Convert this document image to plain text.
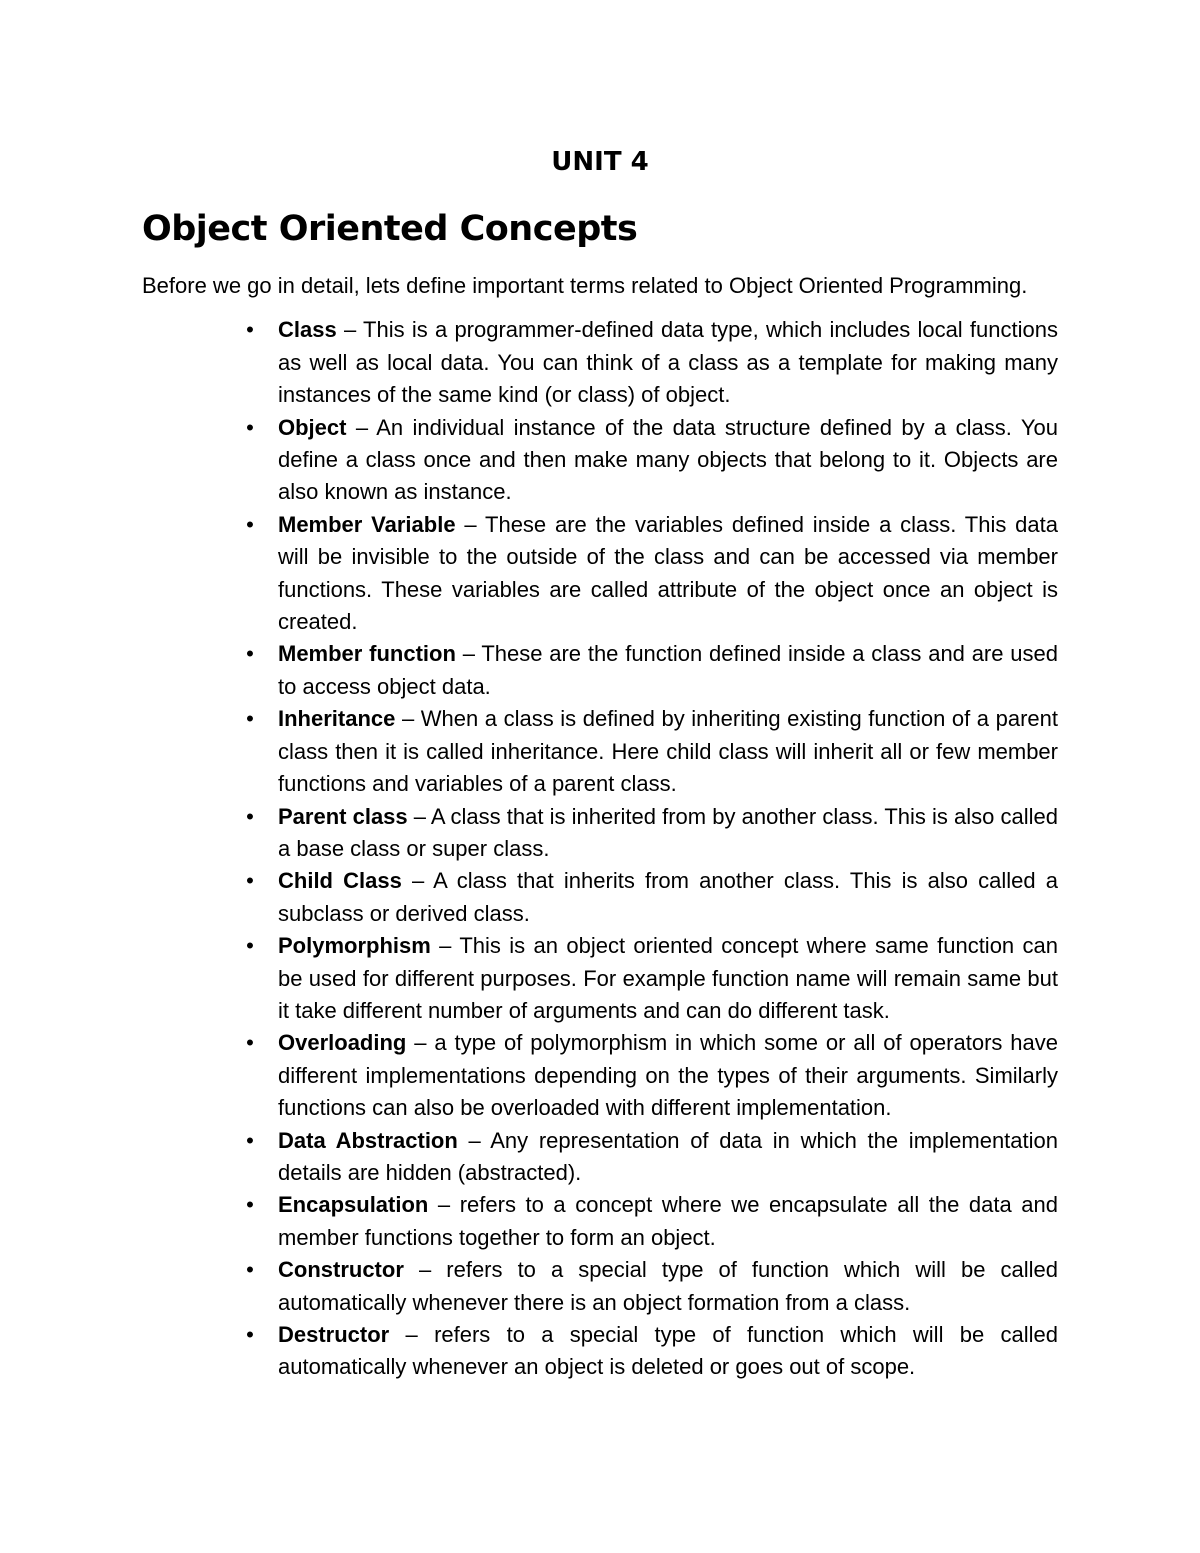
UNIT 4
Object Oriented Concepts

Before we go in detail, lets define important terms related to Object Oriented Programming.

• Class – This is a programmer-defined data type, which includes local functions as well as local data. You can think of a class as a template for making many instances of the same kind (or class) of object.
• Object – An individual instance of the data structure defined by a class. You define a class once and then make many objects that belong to it. Objects are also known as instance.
• Member Variable – These are the variables defined inside a class. This data will be invisible to the outside of the class and can be accessed via member functions. These variables are called attribute of the object once an object is created.
• Member function – These are the function defined inside a class and are used to access object data.
• Inheritance – When a class is defined by inheriting existing function of a parent class then it is called inheritance. Here child class will inherit all or few member functions and variables of a parent class.
• Parent class – A class that is inherited from by another class. This is also called a base class or super class.
• Child Class – A class that inherits from another class. This is also called a subclass or derived class.
• Polymorphism – This is an object oriented concept where same function can be used for different purposes. For example function name will remain same but it take different number of arguments and can do different task.
• Overloading – a type of polymorphism in which some or all of operators have different implementations depending on the types of their arguments. Similarly functions can also be overloaded with different implementation.
• Data Abstraction – Any representation of data in which the implementation details are hidden (abstracted).
• Encapsulation – refers to a concept where we encapsulate all the data and member functions together to form an object.
• Constructor – refers to a special type of function which will be called automatically whenever there is an object formation from a class.
• Destructor – refers to a special type of function which will be called automatically whenever an object is deleted or goes out of scope.
